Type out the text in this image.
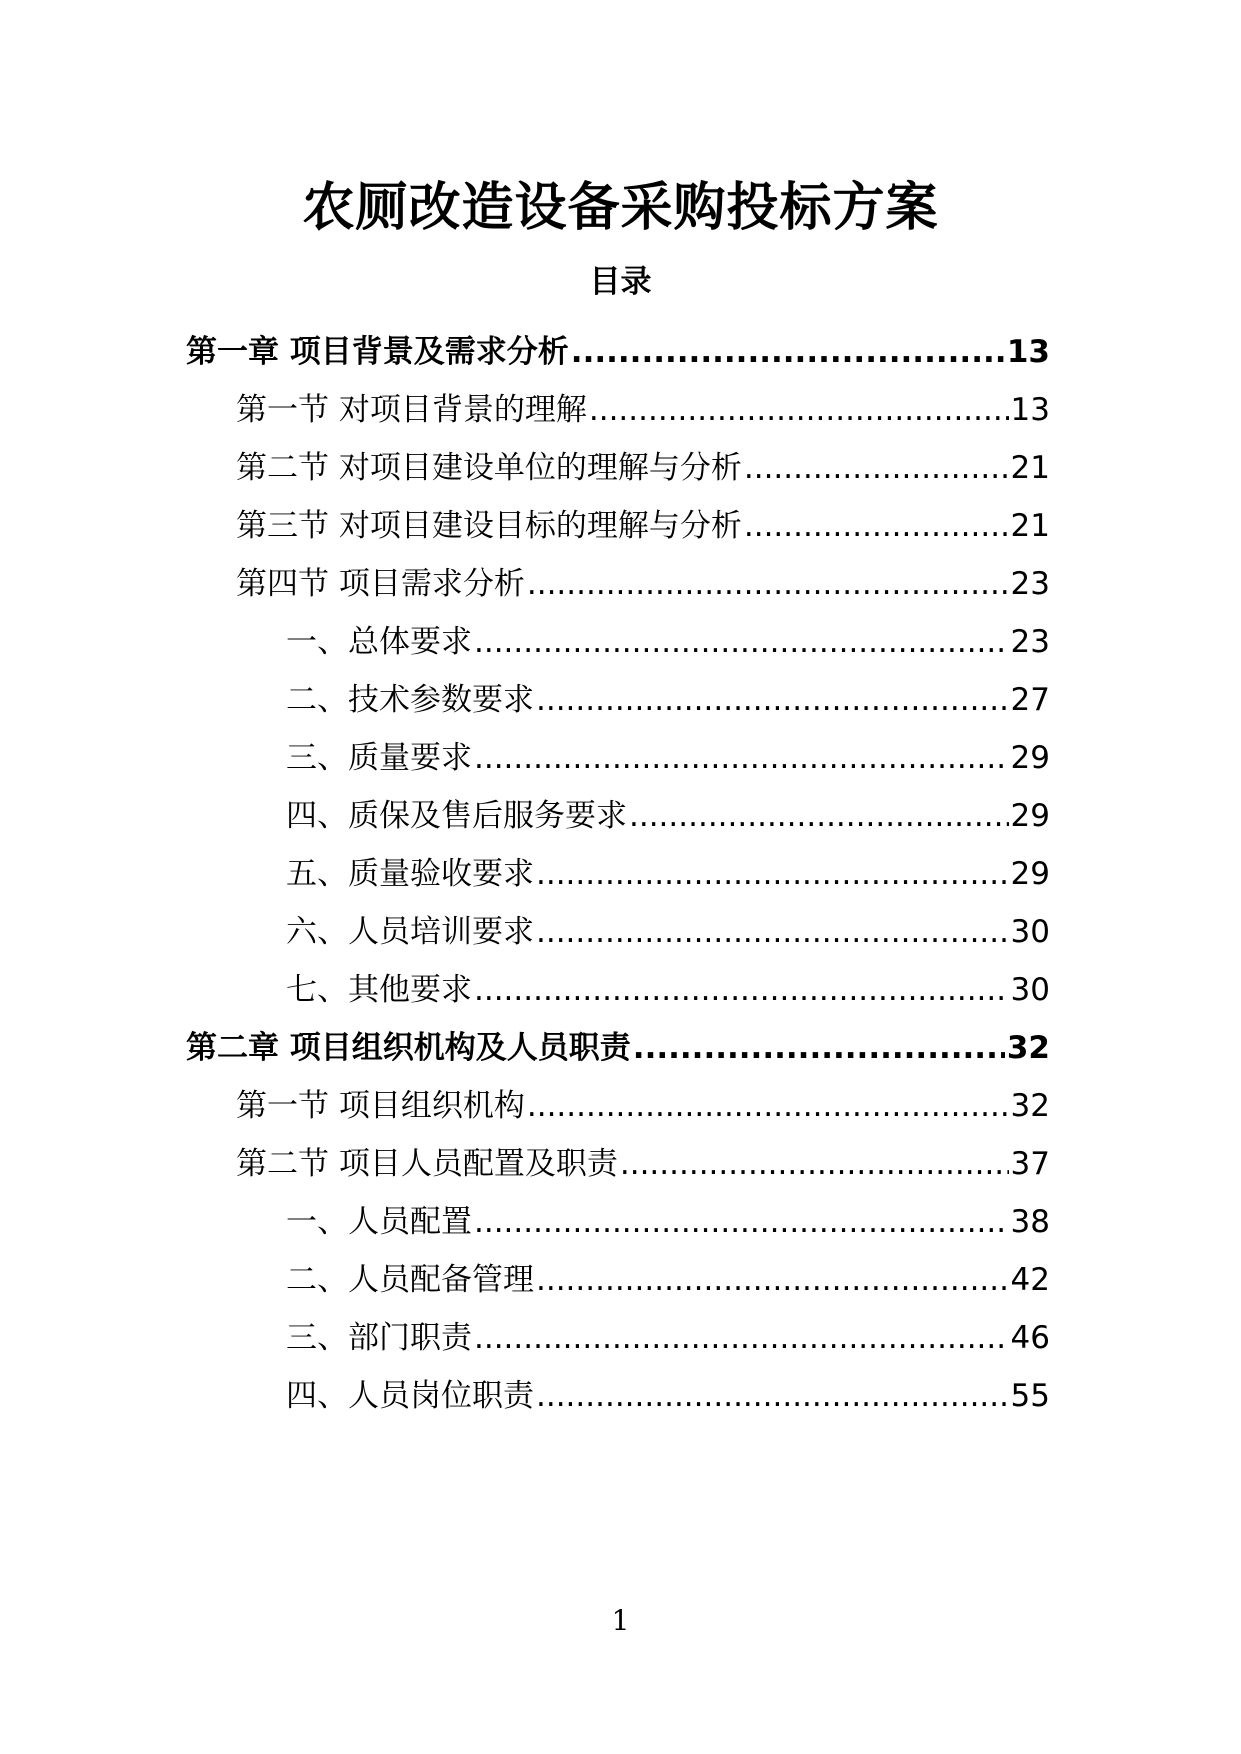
农厕改造设备采购投标方案
目录
第一章 项目背景及需求分析 .....	13
第一节 对项目背景的理解 .....	13
第二节 对项目建设单位的理解与分析 .....	21
第三节 对项目建设目标的理解与分析 .....	21
第四节 项目需求分析 .....	23
一、总体要求 .....	23
二、技术参数要求 .....	27
三、质量要求 .....	29
四、质保及售后服务要求 .....	29
五、质量验收要求 .....	29
六、人员培训要求 .....	30
七、其他要求 .....	30
第二章 项目组织机构及人员职责 .....	32
第一节 项目组织机构 .....	32
第二节 项目人员配置及职责 .....	37
一、人员配置 .....	38
二、人员配备管理 .....	42
三、部门职责 .....	46
四、人员岗位职责 .....	55
1
